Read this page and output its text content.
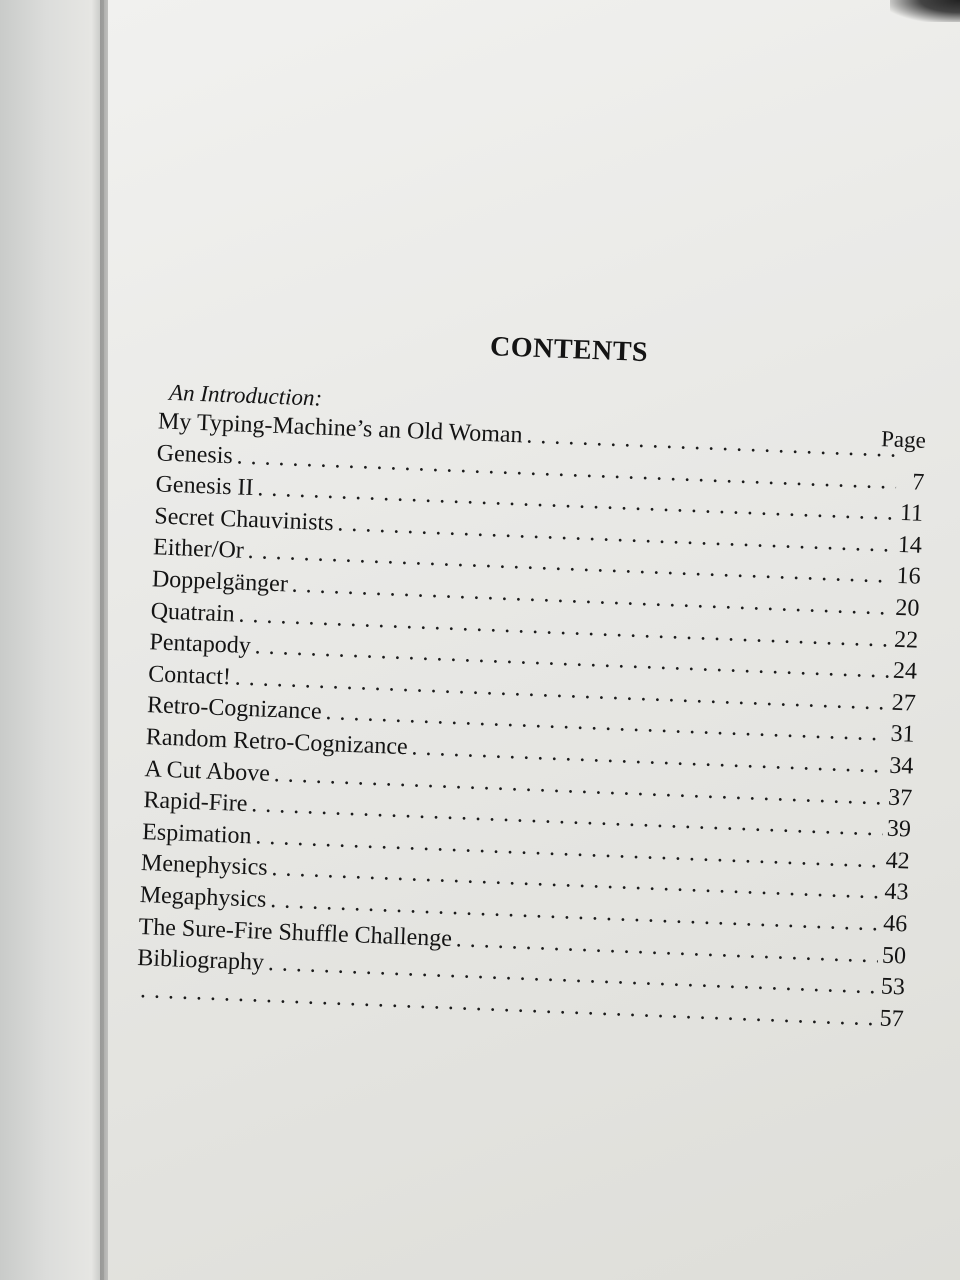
CONTENTS
An Introduction:
Page
My Typing-Machine’s an Old Woman
. . .
Genesis
. . .
7
Genesis II
. . .
11
Secret Chauvinists
. . .
14
Either/Or
. . .
16
Doppelgänger
. . .
20
Quatrain
. . .
22
Pentapody
. . .
24
Contact!
. . .
27
Retro-Cognizance
. . .
31
Random Retro-Cognizance
. . .
34
A Cut Above
. . .
37
Rapid-Fire
. . .
39
Espimation
. . .
42
Menephysics
. . .
43
Megaphysics
. . .
46
The Sure-Fire Shuffle Challenge
. . .
50
Bibliography
. . .
53
. . .
57
